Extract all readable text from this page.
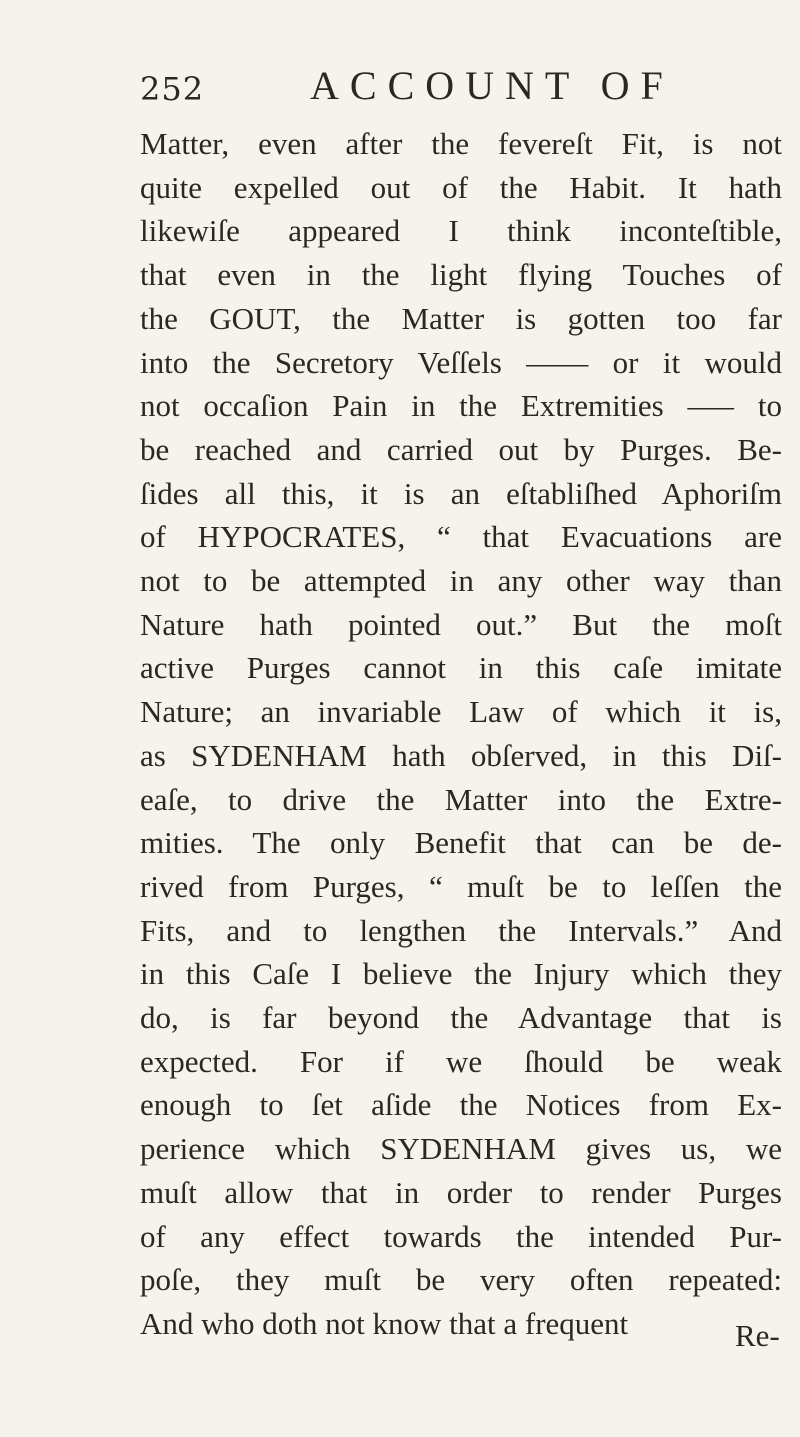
252	ACCOUNT OF
Matter, even after the fevereſt Fit, is not
quite expelled out of the Habit. It hath
likewiſe appeared I think inconteſtible,
that even in the light flying Touches of
the GOUT, the Matter is gotten too far
into the Secretory Veſſels —— or it would
not occaſion Pain in the Extremities —– to
be reached and carried out by Purges. Be-
ſides all this, it is an eſtabliſhed Aphoriſm
of HYPOCRATES, “ that Evacuations are
not to be attempted in any other way than
Nature hath pointed out.” But the moſt
active Purges cannot in this caſe imitate
Nature; an invariable Law of which it is,
as SYDENHAM hath obſerved, in this Diſ-
eaſe, to drive the Matter into the Extre-
mities. The only Benefit that can be de-
rived from Purges, “ muſt be to leſſen the
Fits, and to lengthen the Intervals.” And
in this Caſe I believe the Injury which they
do, is far beyond the Advantage that is
expected. For if we ſhould be weak
enough to ſet aſide the Notices from Ex-
perience which SYDENHAM gives us, we
muſt allow that in order to render Purges
of any effect towards the intended Pur-
poſe, they muſt be very often repeated:
And who doth not know that a frequent	Re-
